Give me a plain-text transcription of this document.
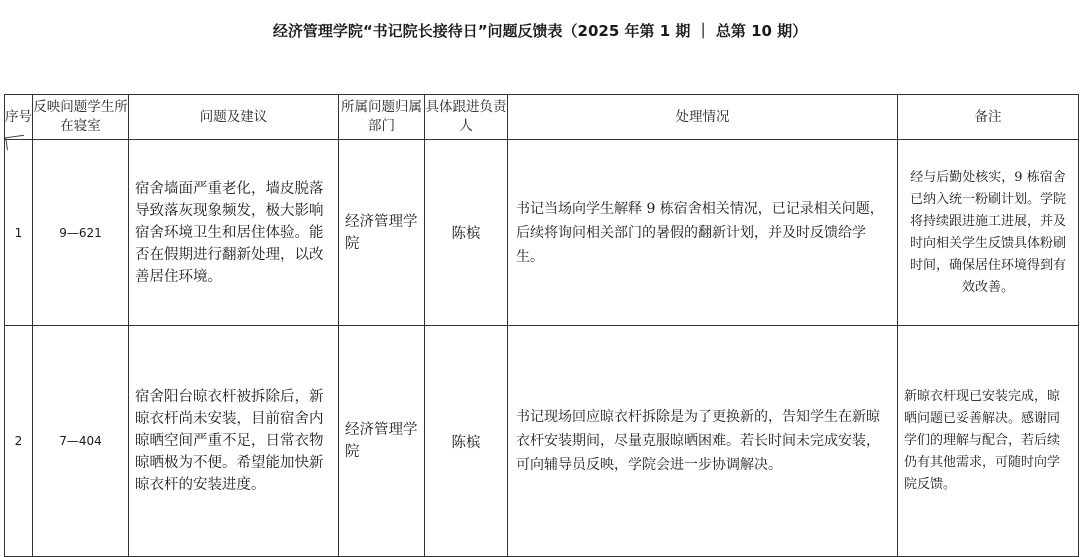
经济管理学院“书记院长接待日”问题反馈表（2025 年第 1 期 ｜ 总第 10 期）
序号	反映问题学生所在寝室	问题及建议	所属问题归属部门	具体跟进负责人	处理情况	备注
1	9—621	宿舍墙面严重老化，墙皮脱落导致落灰现象频发，极大影响宿舍环境卫生和居住体验。能否在假期进行翻新处理，以改善居住环境。	经济管理学院	陈槟	书记当场向学生解释 9 栋宿舍相关情况，已记录相关问题，后续将询问相关部门的暑假的翻新计划，并及时反馈给学生。	经与后勤处核实，9 栋宿舍已纳入统一粉刷计划。学院将持续跟进施工进展，并及时向相关学生反馈具体粉刷时间，确保居住环境得到有效改善。
2	7—404	宿舍阳台晾衣杆被拆除后，新晾衣杆尚未安装，目前宿舍内晾晒空间严重不足，日常衣物晾晒极为不便。希望能加快新晾衣杆的安装进度。	经济管理学院	陈槟	书记现场回应晾衣杆拆除是为了更换新的，告知学生在新晾衣杆安装期间，尽量克服晾晒困难。若长时间未完成安装，可向辅导员反映，学院会进一步协调解决。	新晾衣杆现已安装完成，晾晒问题已妥善解决。感谢同学们的理解与配合，若后续仍有其他需求，可随时向学院反馈。
